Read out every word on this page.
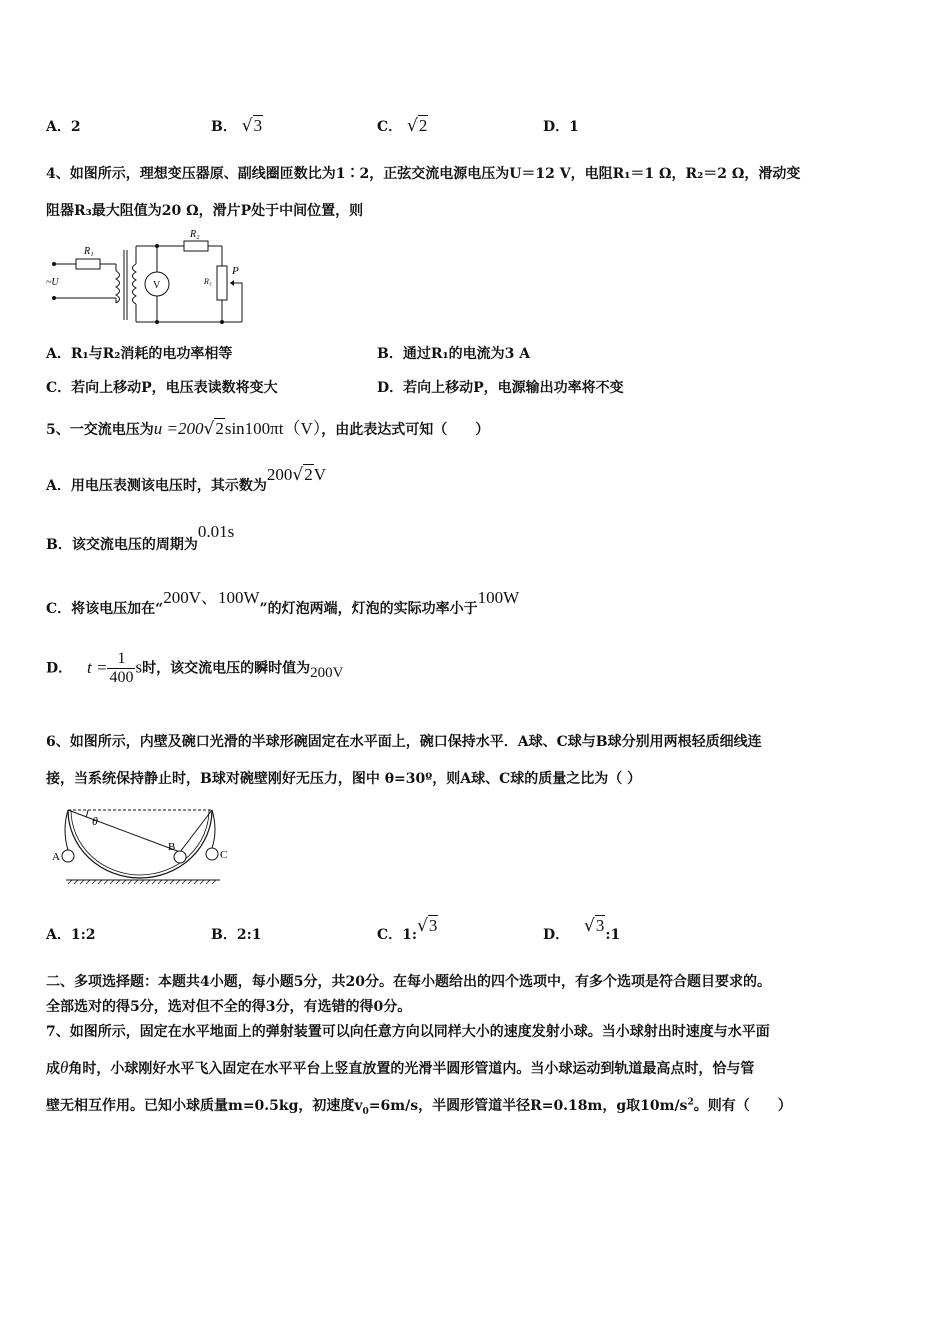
A．2	B． √3	C． √2	D．1
4、如图所示，理想变压器原、副线圈匝数比为1∶2，正弦交流电源电压为U＝12 V，电阻R₁＝1 Ω，R₂＝2 Ω，滑动变
阻器R₃最大阻值为20 Ω，滑片P处于中间位置，则
R₁
~U
R₂
V	R₃
P
A．R₁与R₂消耗的电功率相等	B．通过R₁的电流为3 A
C．若向上移动P，电压表读数将变大	D．若向上移动P，电源输出功率将不变
5、一交流电压为u =200√2sin100πt（V），由此表达式可知（　　）
A．用电压表测该电压时，其示数为200√2V
B．该交流电压的周期为0.01s
C．将该电压加在“200V、100W”的灯泡两端，灯泡的实际功率小于100W
D． $t = \frac{1}{400}$ s时，该交流电压的瞬时值为200V
6、如图所示，内壁及碗口光滑的半球形碗固定在水平面上，碗口保持水平．A球、C球与B球分别用两根轻质细线连
接，当系统保持静止时，B球对碗壁刚好无压力，图中 θ=30º，则A球、C球的质量之比为（ ）
A
B
C
θ
A．1:2	B．2:1	C．1:√3	D． √3:1
二、多项选择题：本题共4小题，每小题5分，共20分。在每小题给出的四个选项中，有多个选项是符合题目要求的。
全部选对的得5分，选对但不全的得3分，有选错的得0分。
7、如图所示，固定在水平地面上的弹射装置可以向任意方向以同样大小的速度发射小球。当小球射出时速度与水平面
成θ角时，小球刚好水平飞入固定在水平平台上竖直放置的光滑半圆形管道内。当小球运动到轨道最高点时，恰与管
壁无相互作用。已知小球质量m=0.5kg，初速度$v_0=6m/s$，半圆形管道半径R=0.18m，g取$10m/s^2$。则有（　　）
